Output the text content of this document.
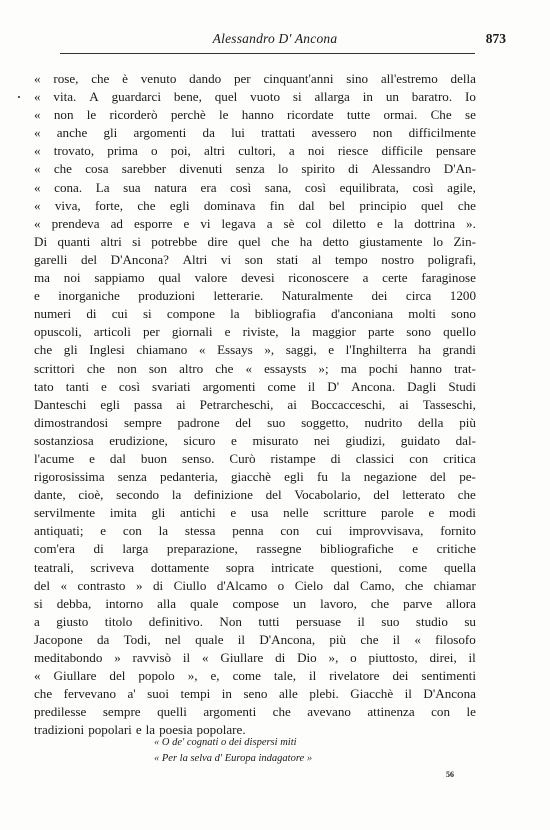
Alessandro D' Ancona	873
« rose, che è venuto dando per cinquant'anni sino all'estremo della
« vita. A guardarci bene, quel vuoto si allarga in un baratro. Io
« non le ricorderò perchè le hanno ricordate tutte ormai. Che se
« anche gli argomenti da lui trattati avessero non difficilmente
« trovato, prima o poi, altri cultori, a noi riesce difficile pensare
« che cosa sarebber divenuti senza lo spirito di Alessandro D'An-
« cona. La sua natura era così sana, così equilibrata, così agile,
« viva, forte, che egli dominava fin dal bel principio quel che
« prendeva ad esporre e vi legava a sè col diletto e la dottrina ».
Di quanti altri si potrebbe dire quel che ha detto giustamente lo Zin-
garelli del D'Ancona? Altri vi son stati al tempo nostro poligrafi,
ma noi sappiamo qual valore devesi riconoscere a certe faraginose
e inorganiche produzioni letterarie. Naturalmente dei circa 1200
numeri di cui si compone la bibliografia d'anconiana molti sono
opuscoli, articoli per giornali e riviste, la maggior parte sono quello
che gli Inglesi chiamano « Essays », saggi, e l'Inghilterra ha grandi
scrittori che non son altro che « essaysts »; ma pochi hanno trat-
tato tanti e così svariati argomenti come il D' Ancona. Dagli Studi
Danteschi egli passa ai Petrarcheschi, ai Boccacceschi, ai Tasseschi,
dimostrandosi sempre padrone del suo soggetto, nudrito della più
sostanziosa erudizione, sicuro e misurato nei giudizi, guidato dal-
l'acume e dal buon senso. Curò ristampe di classici con critica
rigorosissima senza pedanteria, giacchè egli fu la negazione del pe-
dante, cioè, secondo la definizione del Vocabolario, del letterato che
servilmente imita gli antichi e usa nelle scritture parole e modi
antiquati; e con la stessa penna con cui improvvisava, fornito
com'era di larga preparazione, rassegne bibliografiche e critiche
teatrali, scriveva dottamente sopra intricate questioni, come quella
del « contrasto » di Ciullo d'Alcamo o Cielo dal Camo, che chiamar
si debba, intorno alla quale compose un lavoro, che parve allora
a giusto titolo definitivo. Non tutti persuase il suo studio su
Jacopone da Todi, nel quale il D'Ancona, più che il « filosofo
meditabondo » ravvisò il « Giullare di Dio », o piuttosto, direi, il
« Giullare del popolo », e, come tale, il rivelatore dei sentimenti
che fervevano a' suoi tempi in seno alle plebi. Giacchè il D'Ancona
predilesse sempre quelli argomenti che avevano attinenza con le
tradizioni popolari e la poesia popolare.
« O de' cognati o dei dispersi miti
« Per la selva d' Europa indagatore »
56
